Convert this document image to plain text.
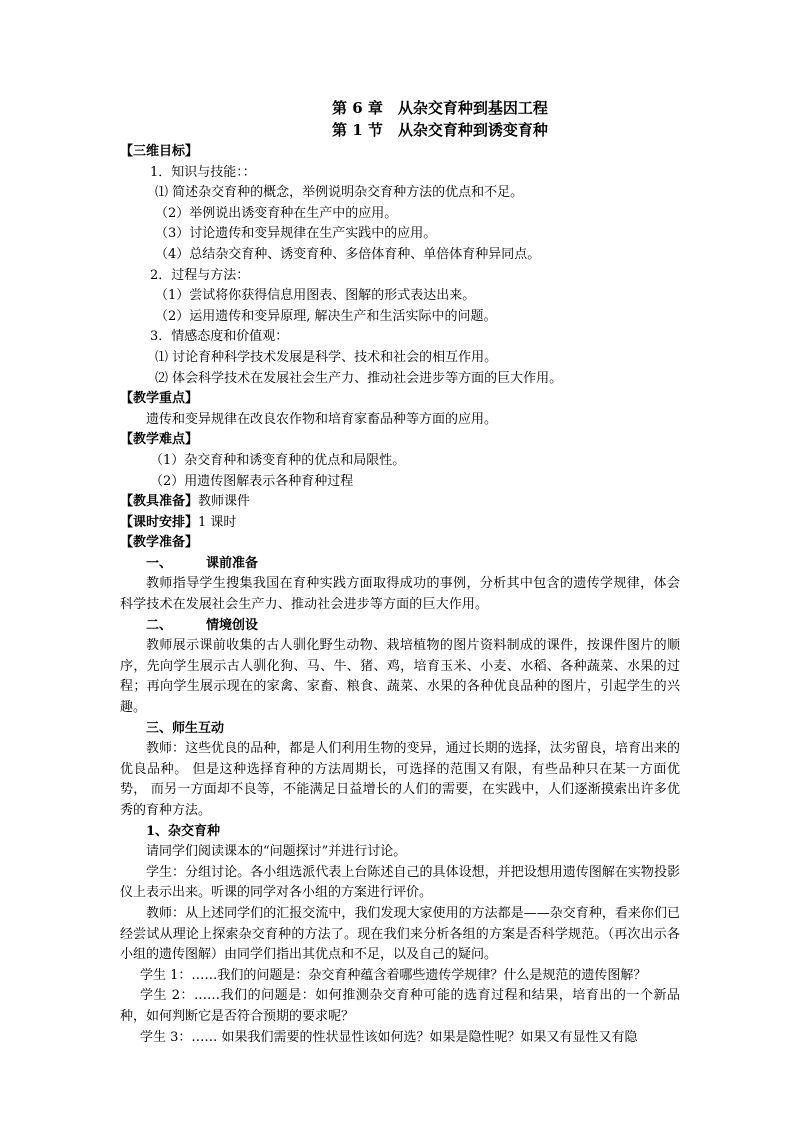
第 6 章　从杂交育种到基因工程
第 1 节　从杂交育种到诱变育种
【三维目标】
1．知识与技能：：
⑴ 简述杂交育种的概念，举例说明杂交育种方法的优点和不足。
（2）举例说出诱变育种在生产中的应用。
（3）讨论遗传和变异规律在生产实践中的应用。
（4）总结杂交育种、诱变育种、多倍体育种、单倍体育种异同点。
2．过程与方法：
（1）尝试将你获得信息用图表、图解的形式表达出来。
（2）运用遗传和变异原理, 解决生产和生活实际中的问题。
3．情感态度和价值观：
⑴ 讨论育种科学技术发展是科学、技术和社会的相互作用。
⑵ 体会科学技术在发展社会生产力、推动社会进步等方面的巨大作用。
【教学重点】
遗传和变异规律在改良农作物和培育家畜品种等方面的应用。
【教学难点】
（1）杂交育种和诱变育种的优点和局限性。
（2）用遗传图解表示各种育种过程
【教具准备】教师课件
【课时安排】1 课时
【教学准备】
一、	课前准备
教师指导学生搜集我国在育种实践方面取得成功的事例，分析其中包含的遗传学规律，体会科学技术在发展社会生产力、推动社会进步等方面的巨大作用。
二、	情境创设
教师展示课前收集的古人驯化野生动物、栽培植物的图片资料制成的课件，按课件图片的顺序，先向学生展示古人驯化狗、马、牛、猪、鸡，培育玉米、小麦、水稻、各种蔬菜、水果的过程；再向学生展示现在的家禽、家畜、粮食、蔬菜、水果的各种优良品种的图片，引起学生的兴趣。
三、师生互动
教师：这些优良的品种，都是人们利用生物的变异，通过长期的选择，汰劣留良，培育出来的优良品种。 但是这种选择育种的方法周期长，可选择的范围又有限，有些品种只在某一方面优势， 而另一方面却不良等，不能满足日益增长的人们的需要，在实践中，人们逐渐摸索出许多优秀的育种方法。
1、杂交育种
请同学们阅读课本的“问题探讨”并进行讨论。
学生：分组讨论。各小组选派代表上台陈述自己的具体设想，并把设想用遗传图解在实物投影仪上表示出来。听课的同学对各小组的方案进行评价。
教师：从上述同学们的汇报交流中，我们发现大家使用的方法都是——杂交育种，看来你们已经尝试从理论上探索杂交育种的方法了。现在我们来分析各组的方案是否科学规范。（再次出示各小组的遗传图解）由同学们指出其优点和不足，以及自己的疑问。
学生 1：……我们的问题是：杂交育种蕴含着哪些遗传学规律？什么是规范的遗传图解？
学生 2：……我们的问题是：如何推测杂交育种可能的选育过程和结果，培育出的一个新品种，如何判断它是否符合预期的要求呢？
学生 3：…… 如果我们需要的性状显性该如何选？如果是隐性呢？如果又有显性又有隐
